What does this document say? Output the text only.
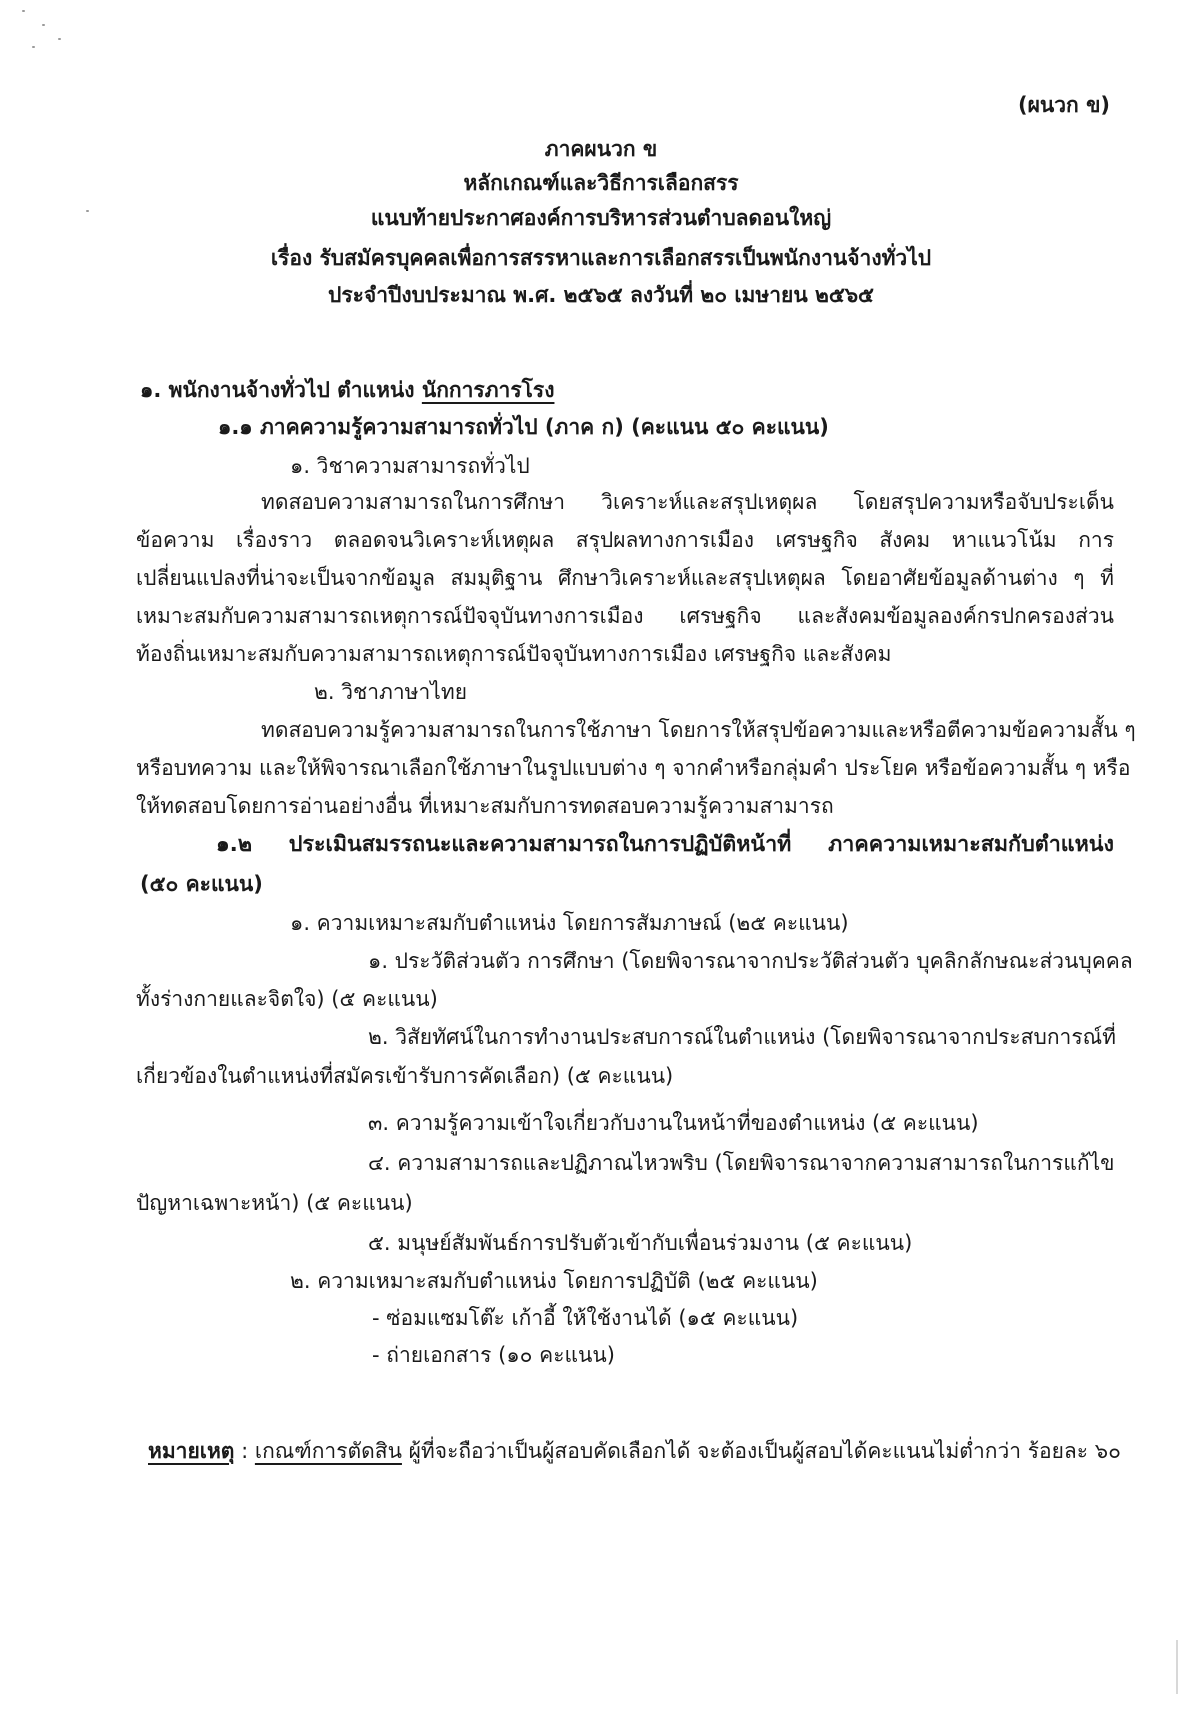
(ผนวก ข)
ภาคผนวก ข
หลักเกณฑ์และวิธีการเลือกสรร
แนบท้ายประกาศองค์การบริหารส่วนตำบลดอนใหญ่
เรื่อง รับสมัครบุคคลเพื่อการสรรหาและการเลือกสรรเป็นพนักงานจ้างทั่วไป
ประจำปีงบประมาณ พ.ศ. ๒๕๖๕ ลงวันที่ ๒๐ เมษายน ๒๕๖๕
๑. พนักงานจ้างทั่วไป ตำแหน่ง นักการภารโรง
๑.๑ ภาคความรู้ความสามารถทั่วไป (ภาค ก) (คะแนน ๕๐ คะแนน)
๑. วิชาความสามารถทั่วไป
ทดสอบความสามารถในการศึกษา วิเคราะห์และสรุปเหตุผล โดยสรุปความหรือจับประเด็น
ข้อความ เรื่องราว ตลอดจนวิเคราะห์เหตุผล สรุปผลทางการเมือง เศรษฐกิจ สังคม หาแนวโน้ม การ
เปลี่ยนแปลงที่น่าจะเป็นจากข้อมูล สมมุติฐาน ศึกษาวิเคราะห์และสรุปเหตุผล โดยอาศัยข้อมูลด้านต่าง ๆ ที่
เหมาะสมกับความสามารถเหตุการณ์ปัจจุบันทางการเมือง เศรษฐกิจ และสังคมข้อมูลองค์กรปกครองส่วน
ท้องถิ่นเหมาะสมกับความสามารถเหตุการณ์ปัจจุบันทางการเมือง เศรษฐกิจ และสังคม
๒. วิชาภาษาไทย
ทดสอบความรู้ความสามารถในการใช้ภาษา โดยการให้สรุปข้อความและหรือตีความข้อความสั้น ๆ
หรือบทความ และให้พิจารณาเลือกใช้ภาษาในรูปแบบต่าง ๆ จากคำหรือกลุ่มคำ ประโยค หรือข้อความสั้น ๆ หรือ
ให้ทดสอบโดยการอ่านอย่างอื่น ที่เหมาะสมกับการทดสอบความรู้ความสามารถ
๑.๒ ประเมินสมรรถนะและความสามารถในการปฏิบัติหน้าที่ ภาคความเหมาะสมกับตำแหน่ง
(๕๐ คะแนน)
๑. ความเหมาะสมกับตำแหน่ง โดยการสัมภาษณ์ (๒๕ คะแนน)
๑. ประวัติส่วนตัว การศึกษา (โดยพิจารณาจากประวัติส่วนตัว บุคลิกลักษณะส่วนบุคคล
ทั้งร่างกายและจิตใจ) (๕ คะแนน)
๒. วิสัยทัศน์ในการทำงานประสบการณ์ในตำแหน่ง (โดยพิจารณาจากประสบการณ์ที่
เกี่ยวข้องในตำแหน่งที่สมัครเข้ารับการคัดเลือก) (๕ คะแนน)
๓. ความรู้ความเข้าใจเกี่ยวกับงานในหน้าที่ของตำแหน่ง (๕ คะแนน)
๔. ความสามารถและปฏิภาณไหวพริบ (โดยพิจารณาจากความสามารถในการแก้ไข
ปัญหาเฉพาะหน้า) (๕ คะแนน)
๕. มนุษย์สัมพันธ์การปรับตัวเข้ากับเพื่อนร่วมงาน (๕ คะแนน)
๒. ความเหมาะสมกับตำแหน่ง โดยการปฏิบัติ (๒๕ คะแนน)
- ซ่อมแซมโต๊ะ เก้าอี้ ให้ใช้งานได้ (๑๕ คะแนน)
- ถ่ายเอกสาร (๑๐ คะแนน)
หมายเหตุ : เกณฑ์การตัดสิน ผู้ที่จะถือว่าเป็นผู้สอบคัดเลือกได้ จะต้องเป็นผู้สอบได้คะแนนไม่ต่ำกว่า ร้อยละ ๖๐
